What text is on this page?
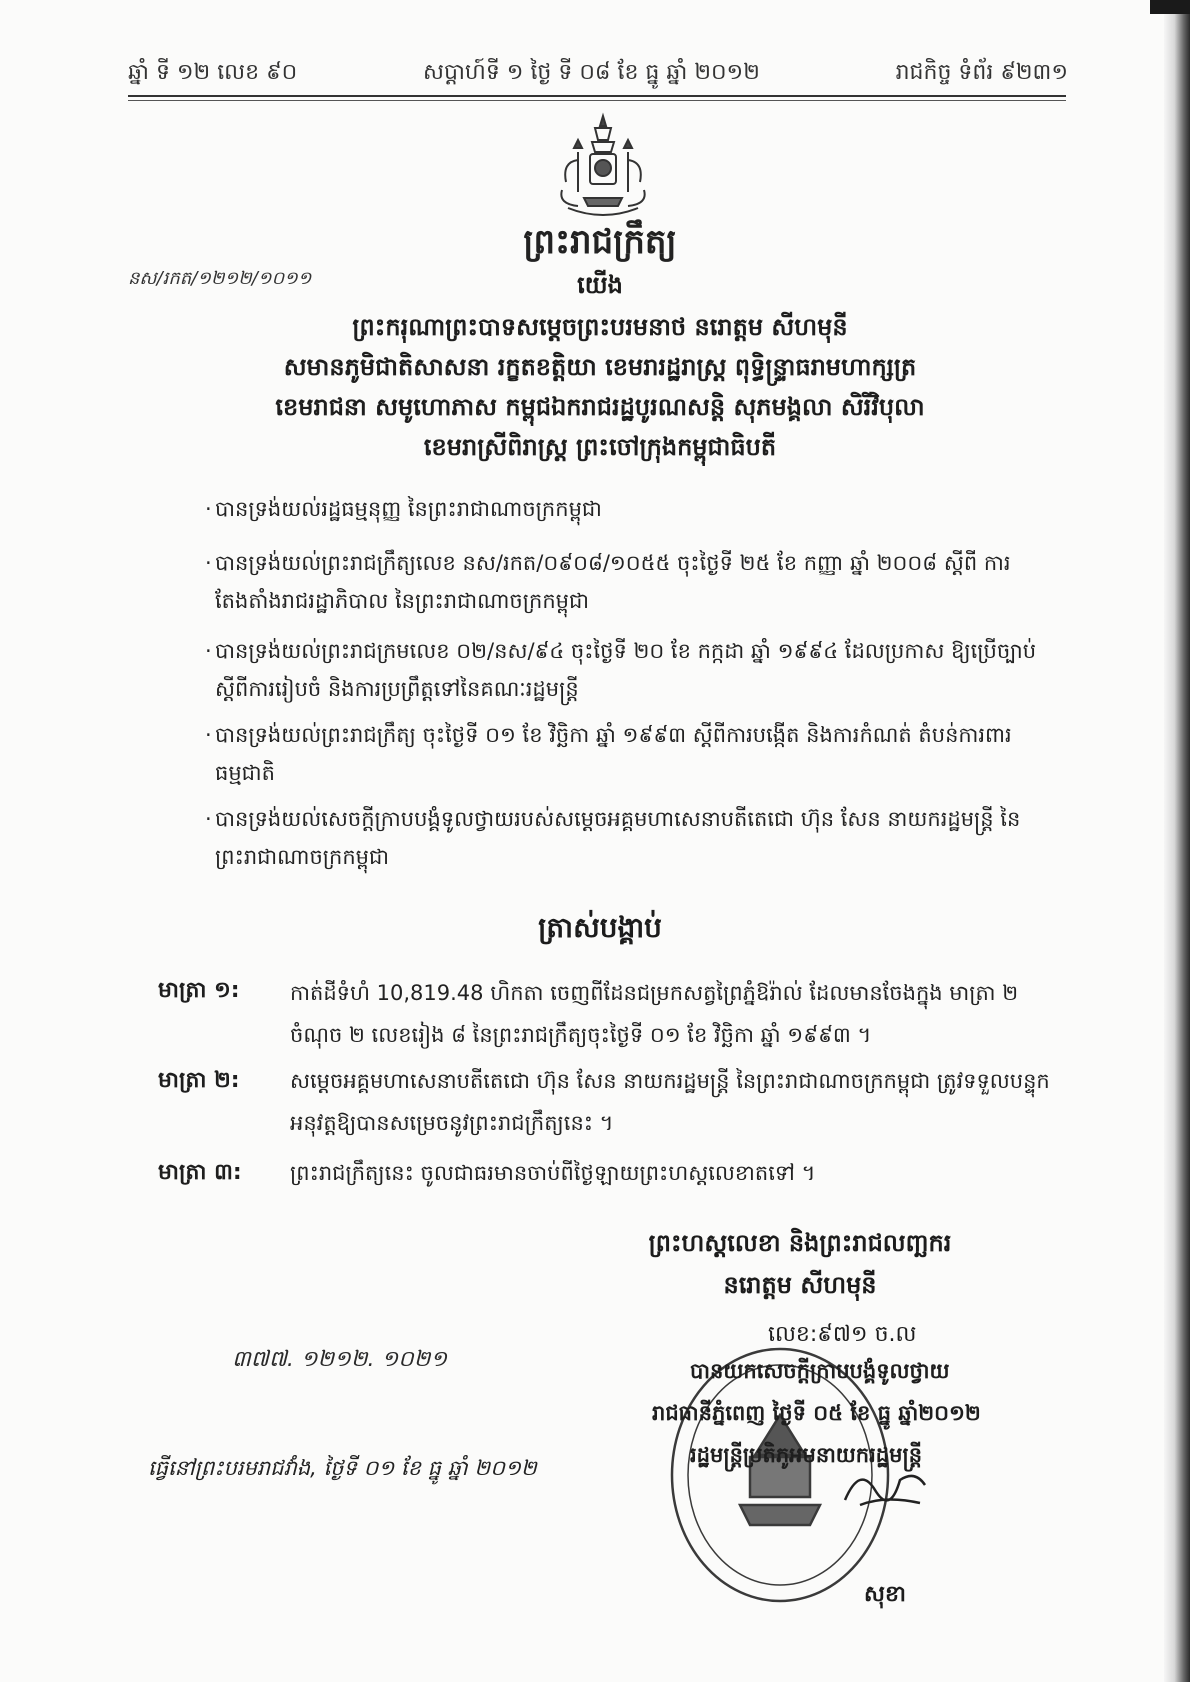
ឆ្នាំ ទី ១២ លេខ ៩០	សប្ដាហ៍ទី ១ ថ្ងៃ ទី ០៨ ខែ ធ្នូ ឆ្នាំ ២០១២	រាជកិច្ច ទំព័រ ៩២៣១
ព្រះរាជក្រឹត្យ
នស/រកត/១២១២/១០១១	យើង
ព្រះករុណាព្រះបាទសម្ដេចព្រះបរមនាថ នរោត្តម សីហមុនី
សមានភូមិជាតិសាសនា រក្ខតខត្តិយា ខេមរារដ្ឋរាស្ត្រ ពុទ្ធិន្ទ្រាធរាមហាក្សត្រ
ខេមរាជនា សមូហោភាស កម្ពុជឯករាជរដ្ឋបូរណសន្តិ សុភមង្គលា សិរីវិបុលា
ខេមរាស្រីពិរាស្ត្រ ព្រះចៅក្រុងកម្ពុជាធិបតី
· បានទ្រង់យល់រដ្ឋធម្មនុញ្ញ នៃព្រះរាជាណាចក្រកម្ពុជា
· បានទ្រង់យល់ព្រះរាជក្រឹត្យលេខ នស/រកត/០៩០៨/១០៥៥ ចុះថ្ងៃទី ២៥ ខែ កញ្ញា ឆ្នាំ ២០០៨ ស្តីពី ការតែងតាំងរាជរដ្ឋាភិបាល នៃព្រះរាជាណាចក្រកម្ពុជា
· បានទ្រង់យល់ព្រះរាជក្រមលេខ ០២/នស/៩៤ ចុះថ្ងៃទី ២០ ខែ កក្កដា ឆ្នាំ ១៩៩៤ ដែលប្រកាស ឱ្យប្រើច្បាប់ស្តីពីការរៀបចំ និងការប្រព្រឹត្តទៅនៃគណៈរដ្ឋមន្ត្រី
· បានទ្រង់យល់ព្រះរាជក្រឹត្យ ចុះថ្ងៃទី ០១ ខែ វិច្ឆិកា ឆ្នាំ ១៩៩៣ ស្តីពីការបង្កើត និងការកំណត់ តំបន់ការពារធម្មជាតិ
· បានទ្រង់យល់សេចក្តីក្រាបបង្គំទូលថ្វាយរបស់សម្តេចអគ្គមហាសេនាបតីតេជោ ហ៊ុន សែន នាយករដ្ឋមន្ត្រី នៃព្រះរាជាណាចក្រកម្ពុជា
ត្រាស់បង្គាប់
មាត្រា ១: កាត់ដីទំហំ 10,819.48 ហិកតា ចេញពីដែនជម្រកសត្វព្រៃភ្នំឱរ៉ាល់ ដែលមានចែងក្នុង មាត្រា ២ ចំណុច ២ លេខរៀង ៨ នៃព្រះរាជក្រឹត្យចុះថ្ងៃទី ០១ ខែ វិច្ឆិកា ឆ្នាំ ១៩៩៣ ។
មាត្រា ២: សម្តេចអគ្គមហាសេនាបតីតេជោ ហ៊ុន សែន នាយករដ្ឋមន្ត្រី នៃព្រះរាជាណាចក្រកម្ពុជា ត្រូវទទួលបន្ទុកអនុវត្តឱ្យបានសម្រេចនូវព្រះរាជក្រឹត្យនេះ ។
មាត្រា ៣: ព្រះរាជក្រឹត្យនេះ ចូលជាធរមានចាប់ពីថ្ងៃឡាយព្រះហស្តលេខាតទៅ ។
ព្រះហស្តលេខា និងព្រះរាជលញ្ឆករ
នរោត្តម សីហមុនី
លេខ:៩៧១ ច.ល
បានយកសេចក្តីក្រាបបង្គំទូលថ្វាយ
រាជធានីភ្នំពេញ ថ្ងៃទី ០៥ ខែ ធ្នូ ឆ្នាំ២០១២
រដ្ឋមន្ត្រីប្រតិភូអមនាយករដ្ឋមន្ត្រី
សុខា
៣៧៧. ១២១២. ១០២១
ធ្វើនៅព្រះបរមរាជវាំង, ថ្ងៃទី ០១ ខែ ធ្នូ ឆ្នាំ ២០១២
